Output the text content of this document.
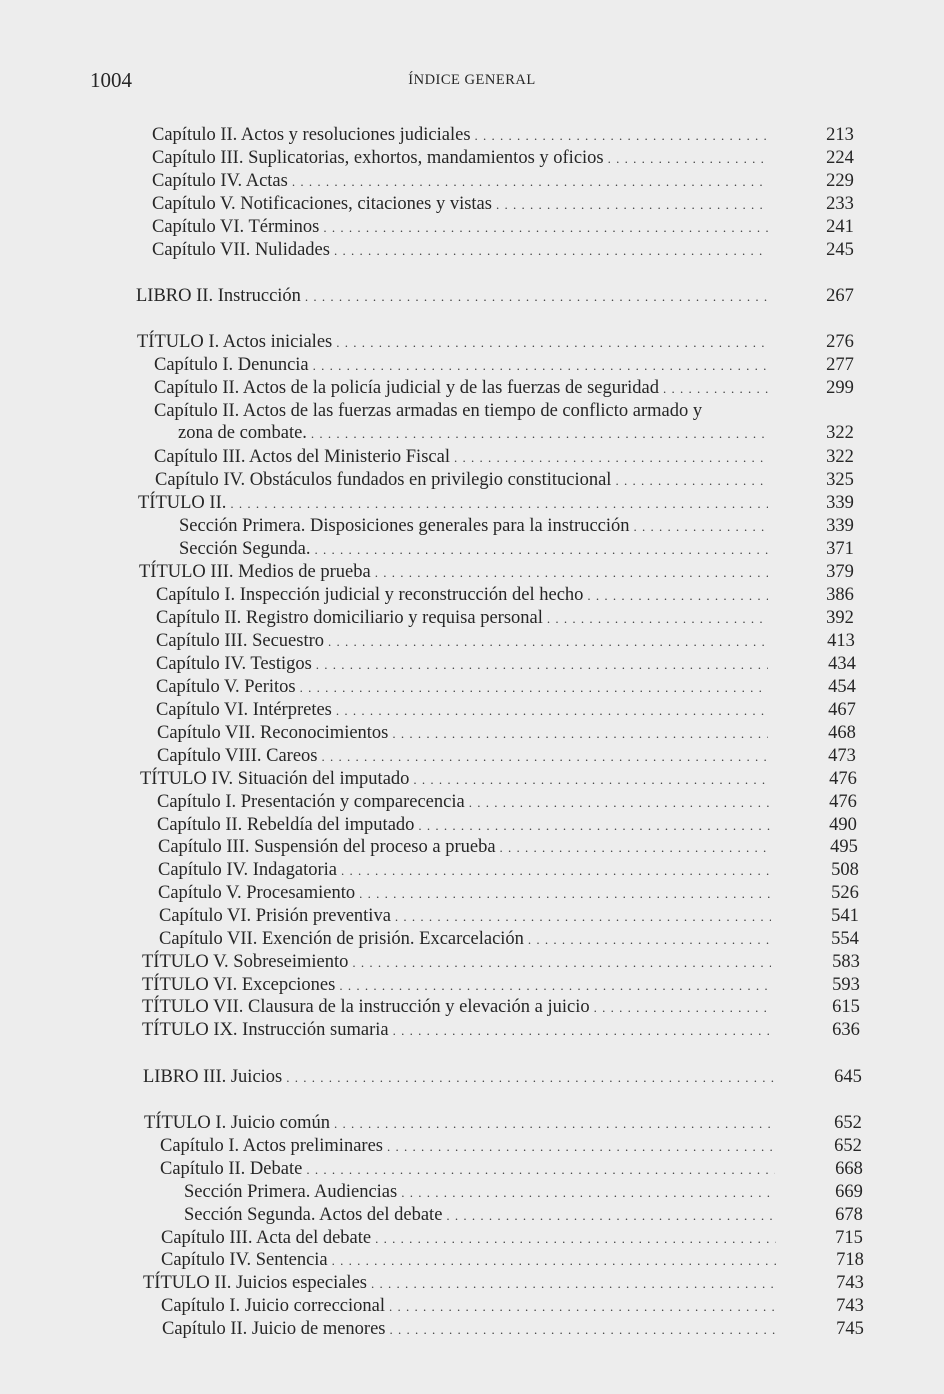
1004	ÍNDICE GENERAL
Capítulo II. Actos y resoluciones judiciales . . .	213
Capítulo III. Suplicatorias, exhortos, mandamientos y oficios . . .	224
Capítulo IV. Actas . . .	229
Capítulo V. Notificaciones, citaciones y vistas . . .	233
Capítulo VI. Términos . . .	241
Capítulo VII. Nulidades . . .	245
LIBRO II. Instrucción . . .	267
TÍTULO I. Actos iniciales . . .	276
Capítulo I. Denuncia . . .	277
Capítulo II. Actos de la policía judicial y de las fuerzas de seguridad . . .	299
Capítulo II. Actos de las fuerzas armadas en tiempo de conflicto armado y
zona de combate. . . .	322
Capítulo III. Actos del Ministerio Fiscal . . .	322
Capítulo IV. Obstáculos fundados en privilegio constitucional . . .	325
TÍTULO II. . . .	339
Sección Primera. Disposiciones generales para la instrucción . . .	339
Sección Segunda. . . .	371
TÍTULO III. Medios de prueba . . .	379
Capítulo I. Inspección judicial y reconstrucción del hecho . . .	386
Capítulo II. Registro domiciliario y requisa personal . . .	392
Capítulo III. Secuestro . . .	413
Capítulo IV. Testigos . . .	434
Capítulo V. Peritos . . .	454
Capítulo VI. Intérpretes . . .	467
Capítulo VII. Reconocimientos . . .	468
Capítulo VIII. Careos . . .	473
TÍTULO IV. Situación del imputado . . .	476
Capítulo I. Presentación y comparecencia . . .	476
Capítulo II. Rebeldía del imputado . . .	490
Capítulo III. Suspensión del proceso a prueba . . .	495
Capítulo IV. Indagatoria . . .	508
Capítulo V. Procesamiento . . .	526
Capítulo VI. Prisión preventiva . . .	541
Capítulo VII. Exención de prisión. Excarcelación . . .	554
TÍTULO V. Sobreseimiento . . .	583
TÍTULO VI. Excepciones . . .	593
TÍTULO VII. Clausura de la instrucción y elevación a juicio . . .	615
TÍTULO IX. Instrucción sumaria . . .	636
LIBRO III. Juicios . . .	645
TÍTULO I. Juicio común . . .	652
Capítulo I. Actos preliminares . . .	652
Capítulo II. Debate . . .	668
Sección Primera. Audiencias . . .	669
Sección Segunda. Actos del debate . . .	678
Capítulo III. Acta del debate . . .	715
Capítulo IV. Sentencia . . .	718
TÍTULO II. Juicios especiales . . .	743
Capítulo I. Juicio correccional . . .	743
Capítulo II. Juicio de menores . . .	745
